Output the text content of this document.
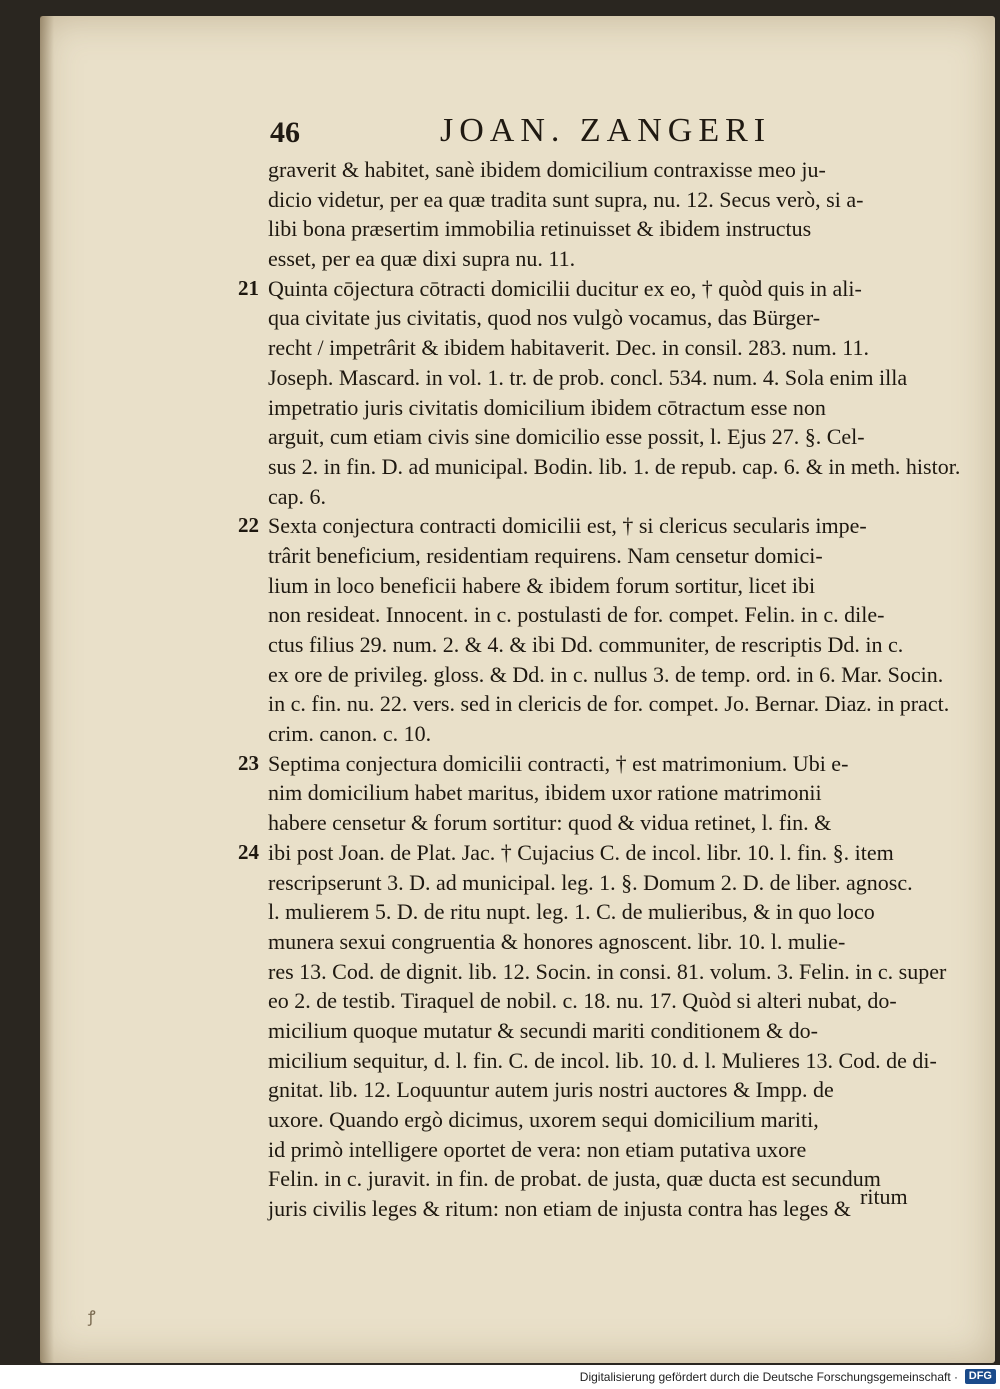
46	JOAN. ZANGERI
graverit & habitet, sanè ibidem domicilium contraxisse meo ju-
dicio videtur, per ea quæ tradita sunt supra, nu. 12. Secus verò, si a-
libi bona præsertim immobilia retinuisset & ibidem instructus
esset, per ea quæ dixi supra nu. 11.
21 Quinta cōjectura cōtracti domicilii ducitur ex eo, † quòd quis in ali-
qua civitate jus civitatis, quod nos vulgò vocamus, das Bürger-
recht / impetrârit & ibidem habitaverit. Dec. in consil. 283. num. 11.
Joseph. Mascard. in vol. 1. tr. de prob. concl. 534. num. 4. Sola enim illa
impetratio juris civitatis domicilium ibidem cōtractum esse non
arguit, cum etiam civis sine domicilio esse possit, l. Ejus 27. §. Cel-
sus 2. in fin. D. ad municipal. Bodin. lib. 1. de repub. cap. 6. & in meth. histor.
cap. 6.
22 Sexta conjectura contracti domicilii est, † si clericus secularis impe-
trârit beneficium, residentiam requirens. Nam censetur domici-
lium in loco beneficii habere & ibidem forum sortitur, licet ibi
non resideat. Innocent. in c. postulasti de for. compet. Felin. in c. dile-
ctus filius 29. num. 2. & 4. & ibi Dd. communiter, de rescriptis Dd. in c.
ex ore de privileg. gloss. & Dd. in c. nullus 3. de temp. ord. in 6. Mar. Socin.
in c. fin. nu. 22. vers. sed in clericis de for. compet. Jo. Bernar. Diaz. in pract.
crim. canon. c. 10.
23 Septima conjectura domicilii contracti, † est matrimonium. Ubi e-
nim domicilium habet maritus, ibidem uxor ratione matrimonii
habere censetur & forum sortitur: quod & vidua retinet, l. fin. &
24 ibi post Joan. de Plat. Jac. † Cujacius C. de incol. libr. 10. l. fin. §. item
rescripserunt 3. D. ad municipal. leg. 1. §. Domum 2. D. de liber. agnosc.
l. mulierem 5. D. de ritu nupt. leg. 1. C. de mulieribus, & in quo loco
munera sexui congruentia & honores agnoscent. libr. 10. l. mulie-
res 13. Cod. de dignit. lib. 12. Socin. in consi. 81. volum. 3. Felin. in c. super
eo 2. de testib. Tiraquel de nobil. c. 18. nu. 17. Quòd si alteri nubat, do-
micilium quoque mutatur & secundi mariti conditionem & do-
micilium sequitur, d. l. fin. C. de incol. lib. 10. d. l. Mulieres 13. Cod. de di-
gnitat. lib. 12. Loquuntur autem juris nostri auctores & Impp. de
uxore. Quando ergò dicimus, uxorem sequi domicilium mariti,
id primò intelligere oportet de vera: non etiam putativa uxore
Felin. in c. juravit. in fin. de probat. de justa, quæ ducta est secundum
juris civilis leges & ritum: non etiam de injusta contra has leges & ritum
ꝭ
Digitalisierung gefördert durch die Deutsche Forschungsgemeinschaft · DFG
